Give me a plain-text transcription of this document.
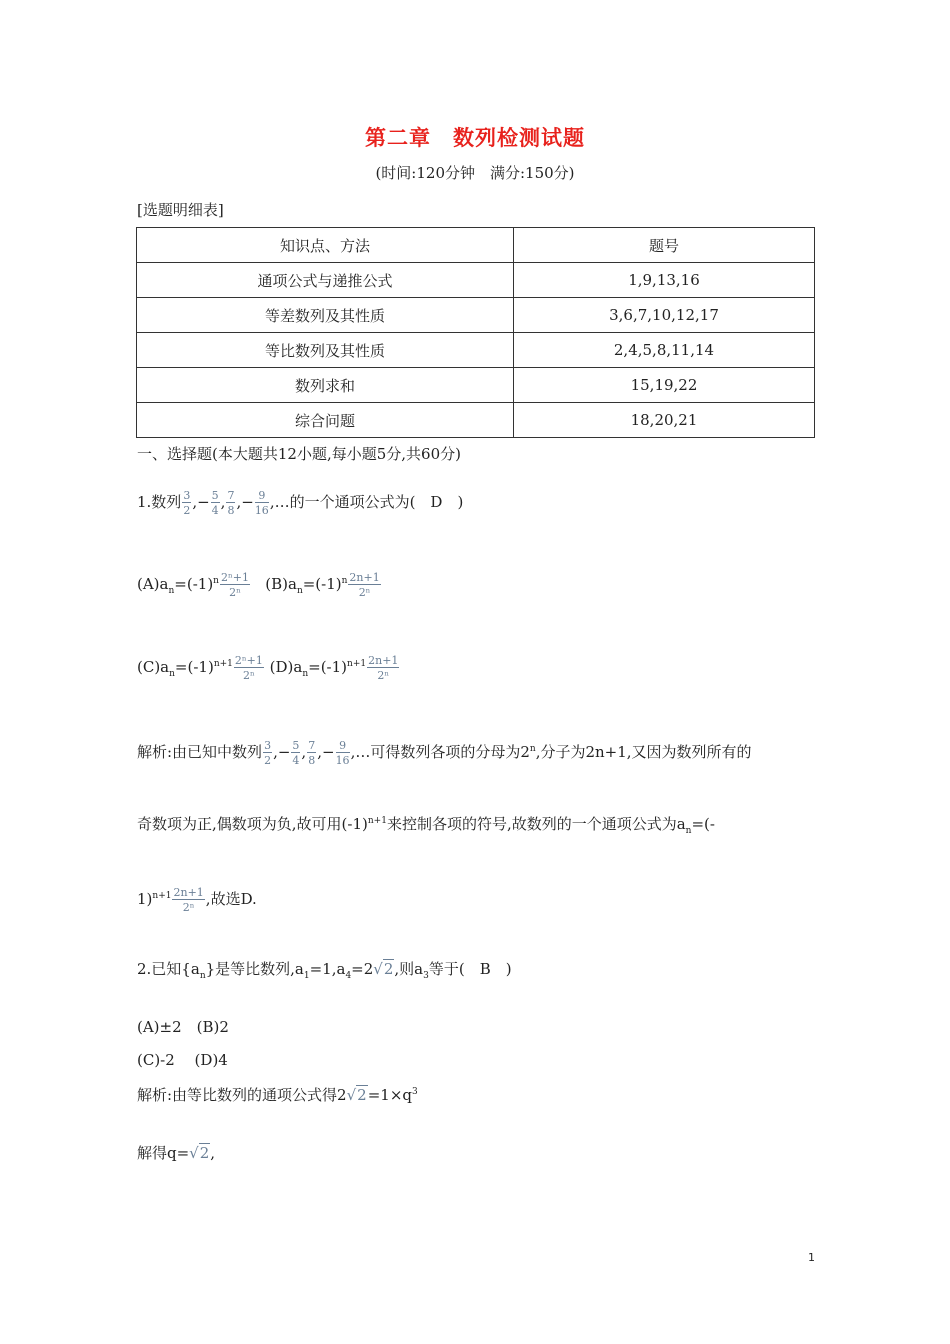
第二章　数列检测试题
(时间:120分钟　满分:150分)
[选题明细表]
知识点、方法	题号
通项公式与递推公式	1,9,13,16
等差数列及其性质	3,6,7,10,12,17
等比数列及其性质	2,4,5,8,11,14
数列求和	15,19,22
综合问题	18,20,21
一、选择题(本大题共12小题,每小题5分,共60分)
1.数列 $\frac{3}{2}$ ,− $\frac{5}{4}$ , $\frac{7}{8}$ ,− $\frac{9}{16}$ ,…的一个通项公式为(　D　)
$(A)a_n=(-1)^n \frac{\text{2ⁿ+1}}{\text{2ⁿ}} (B)a_n=(-1)^n \frac{2n+1}{\text{2ⁿ}}$
$(C)a_n=(-1)^{n+1} \frac{\text{2ⁿ+1}}{\text{2ⁿ}} (D)a_n=(-1)^{n+1} \frac{2n+1}{\text{2ⁿ}}$
解析:由已知中数列 $\frac{3}{2}$ ,− $\frac{5}{4}$ , $\frac{7}{8}$ ,− $\frac{9}{16}$ ,…可得数列各项的分母为2$^n$,分子为2n+1,又因为数列所有的
奇数项为正,偶数项为负,故可用$(-1)^{n+1}$来控制各项的符号,故数列的一个通项公式为$a_n=(-$
$1)^{n+1} \frac{2n+1}{\text{2ⁿ}}$ ,故选D.
2.已知$\{a_n\}$是等比数列$,a_1=1,a_4=2√2$,则$a_3$等于(　B　)
(A)±2　(B)2
(C)-2　 (D)4
解析:由等比数列的通项公式得$2√2=1\times q^3$
解得q=√2,
1
